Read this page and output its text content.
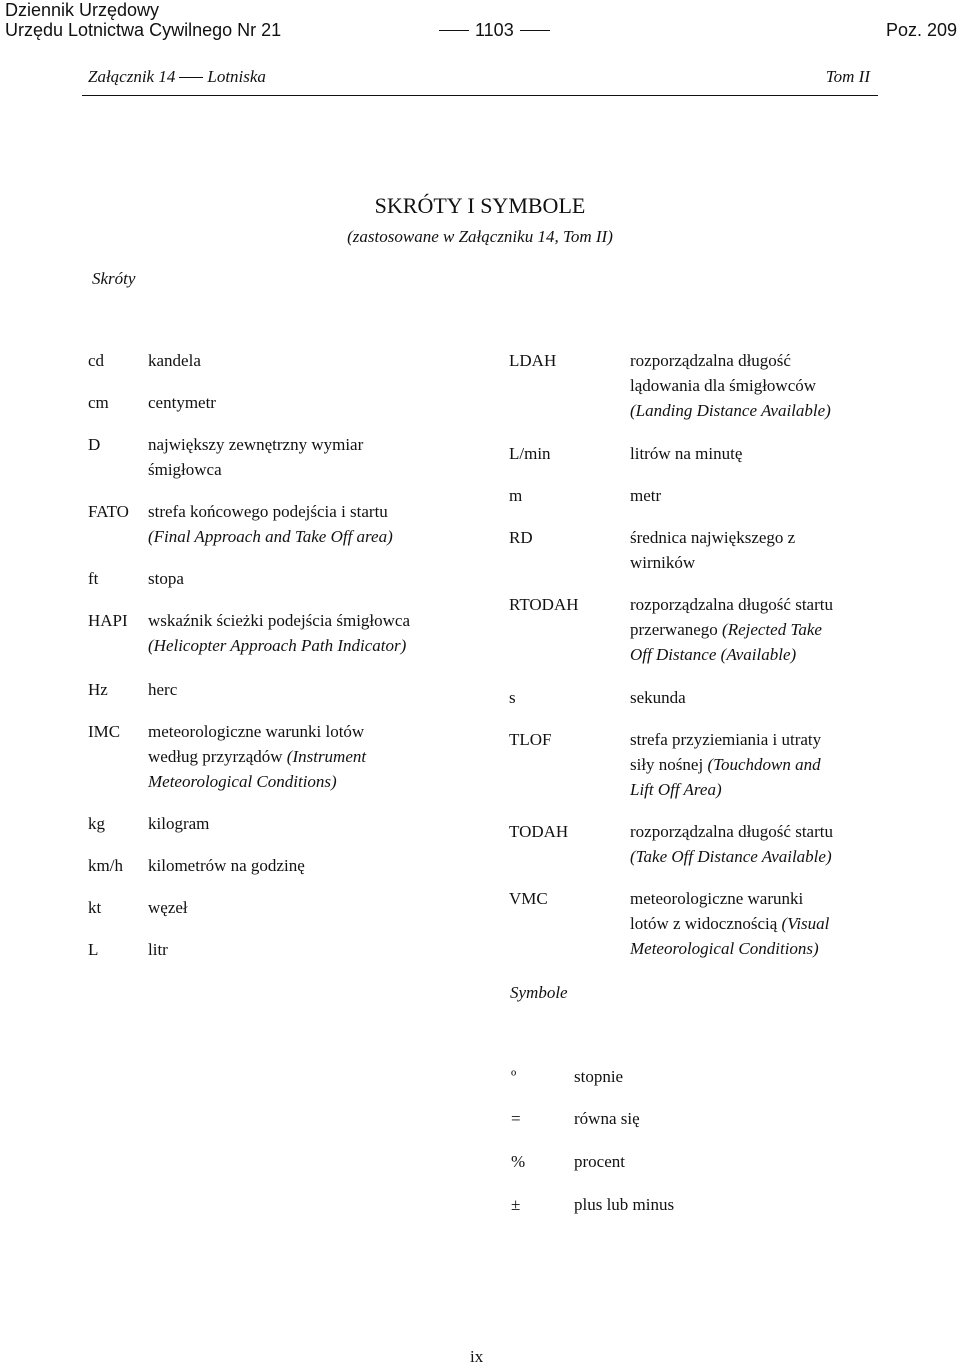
Dziennik Urzędowy
Urzędu Lotnictwa Cywilnego Nr 21	1103	Poz. 209
Załącznik 14 Lotniska	Tom II
SKRÓTY I SYMBOLE
(zastosowane w Załączniku 14, Tom II)
Skróty
cd	kandela
cm centymetr
D	największy zewnętrzny wymiar
śmigłowca
FATO strefa końcowego podejścia i startu
(Final Approach and Take Off area)
ft	stopa
HAPI wskaźnik ścieżki podejścia śmigłowca
(Helicopter Approach Path Indicator)
Hz herc
IMC meteorologiczne warunki lotów
według przyrządów (Instrument
Meteorological Conditions)
kg	kilogram
km/h kilometrów na godzinę
kt	węzeł
L	litr
LDAH	rozporządzalna długość
lądowania dla śmigłowców
(Landing Distance Available)
L/min	litrów na minutę
m	metr
RD	średnica największego z
wirników
RTODAH	rozporządzalna długość startu
przerwanego (Rejected Take
Off Distance (Available)
s	sekunda
TLOF	strefa przyziemiania i utraty
siły nośnej (Touchdown and
Lift Off Area)
TODAH	rozporządzalna długość startu
(Take Off Distance Available)
VMC	meteorologiczne warunki
lotów z widocznością (Visual
Meteorological Conditions)
Symbole
º	stopnie
=	równa się
%	procent
±	plus lub minus
ix
